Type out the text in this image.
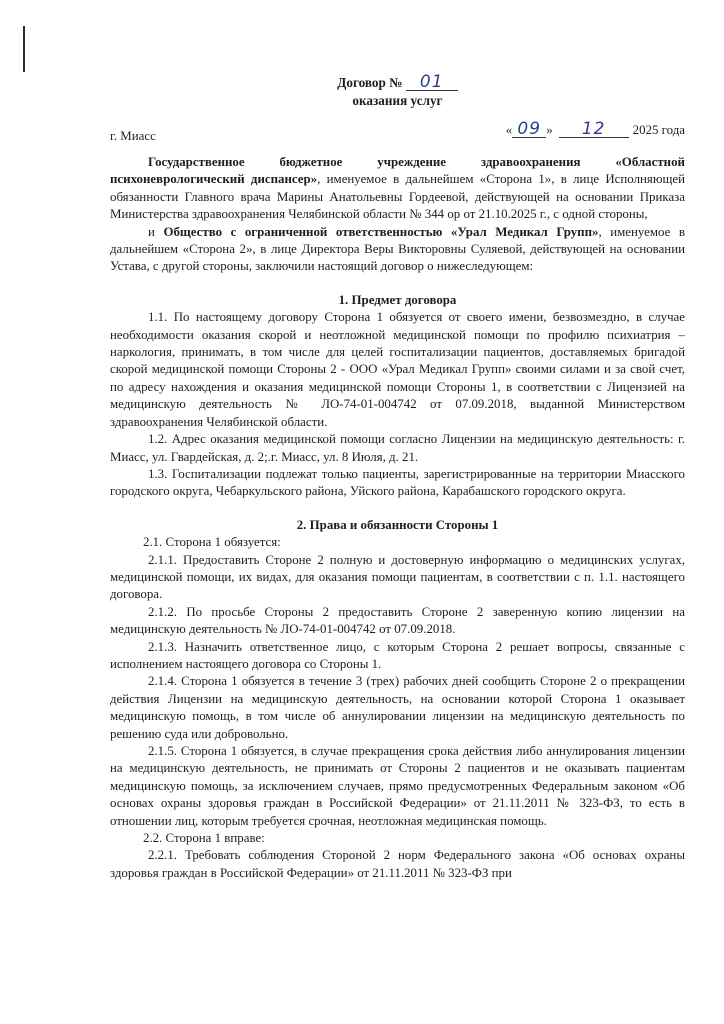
Договор № 01
оказания услуг
г. Миасс	« 09 » 12 2025 года

Государственное бюджетное учреждение здравоохранения «Областной психоневрологический диспансер», именуемое в дальнейшем «Сторона 1», в лице Исполняющей обязанности Главного врача Марины Анатольевны Гордеевой, действующей на основании Приказа Министерства здравоохранения Челябинской области № 344 ор от 21.10.2025 г., с одной стороны,

и Общество с ограниченной ответственностью «Урал Медикал Групп», именуемое в дальнейшем «Сторона 2», в лице Директора Веры Викторовны Суляевой, действующей на основании Устава, с другой стороны, заключили настоящий договор о нижеследующем:

1. Предмет договора

1.1. По настоящему договору Сторона 1 обязуется от своего имени, безвозмездно, в случае необходимости оказания скорой и неотложной медицинской помощи по профилю психиатрия – наркология, принимать, в том числе для целей госпитализации пациентов, доставляемых бригадой скорой медицинской помощи Стороны 2 - ООО «Урал Медикал Групп» своими силами и за свой счет, по адресу нахождения и оказания медицинской помощи Стороны 1, в соответствии с Лицензией на медицинскую деятельность № ЛО-74-01-004742 от 07.09.2018, выданной Министерством здравоохранения Челябинской области.

1.2. Адрес оказания медицинской помощи согласно Лицензии на медицинскую деятельность: г. Миасс, ул. Гвардейская, д. 2;.г. Миасс, ул. 8 Июля, д. 21.

1.3. Госпитализации подлежат только пациенты, зарегистрированные на территории Миасского городского округа, Чебаркульского района, Уйского района, Карабашского городского округа.

2. Права и обязанности Стороны 1

2.1. Сторона 1 обязуется:

2.1.1. Предоставить Стороне 2 полную и достоверную информацию о медицинских услугах, медицинской помощи, их видах, для оказания помощи пациентам, в соответствии с п. 1.1. настоящего договора.

2.1.2. По просьбе Стороны 2 предоставить Стороне 2 заверенную копию лицензии на медицинскую деятельность № ЛО-74-01-004742 от 07.09.2018.

2.1.3. Назначить ответственное лицо, с которым Сторона 2 решает вопросы, связанные с исполнением настоящего договора со Стороны 1.

2.1.4. Сторона 1 обязуется в течение 3 (трех) рабочих дней сообщить Стороне 2 о прекращении действия Лицензии на медицинскую деятельность, на основании которой Сторона 1 оказывает медицинскую помощь, в том числе об аннулировании лицензии на медицинскую деятельность по решению суда или добровольно.

2.1.5. Сторона 1 обязуется, в случае прекращения срока действия либо аннулирования лицензии на медицинскую деятельность, не принимать от Стороны 2 пациентов и не оказывать пациентам медицинскую помощь, за исключением случаев, прямо предусмотренных Федеральным законом «Об основах охраны здоровья граждан в Российской Федерации» от 21.11.2011 № 323-ФЗ, то есть в отношении лиц, которым требуется срочная, неотложная медицинская помощь.

2.2. Сторона 1 вправе:

2.2.1. Требовать соблюдения Стороной 2 норм Федерального закона «Об основах охраны здоровья граждан в Российской Федерации» от 21.11.2011 № 323-ФЗ при
